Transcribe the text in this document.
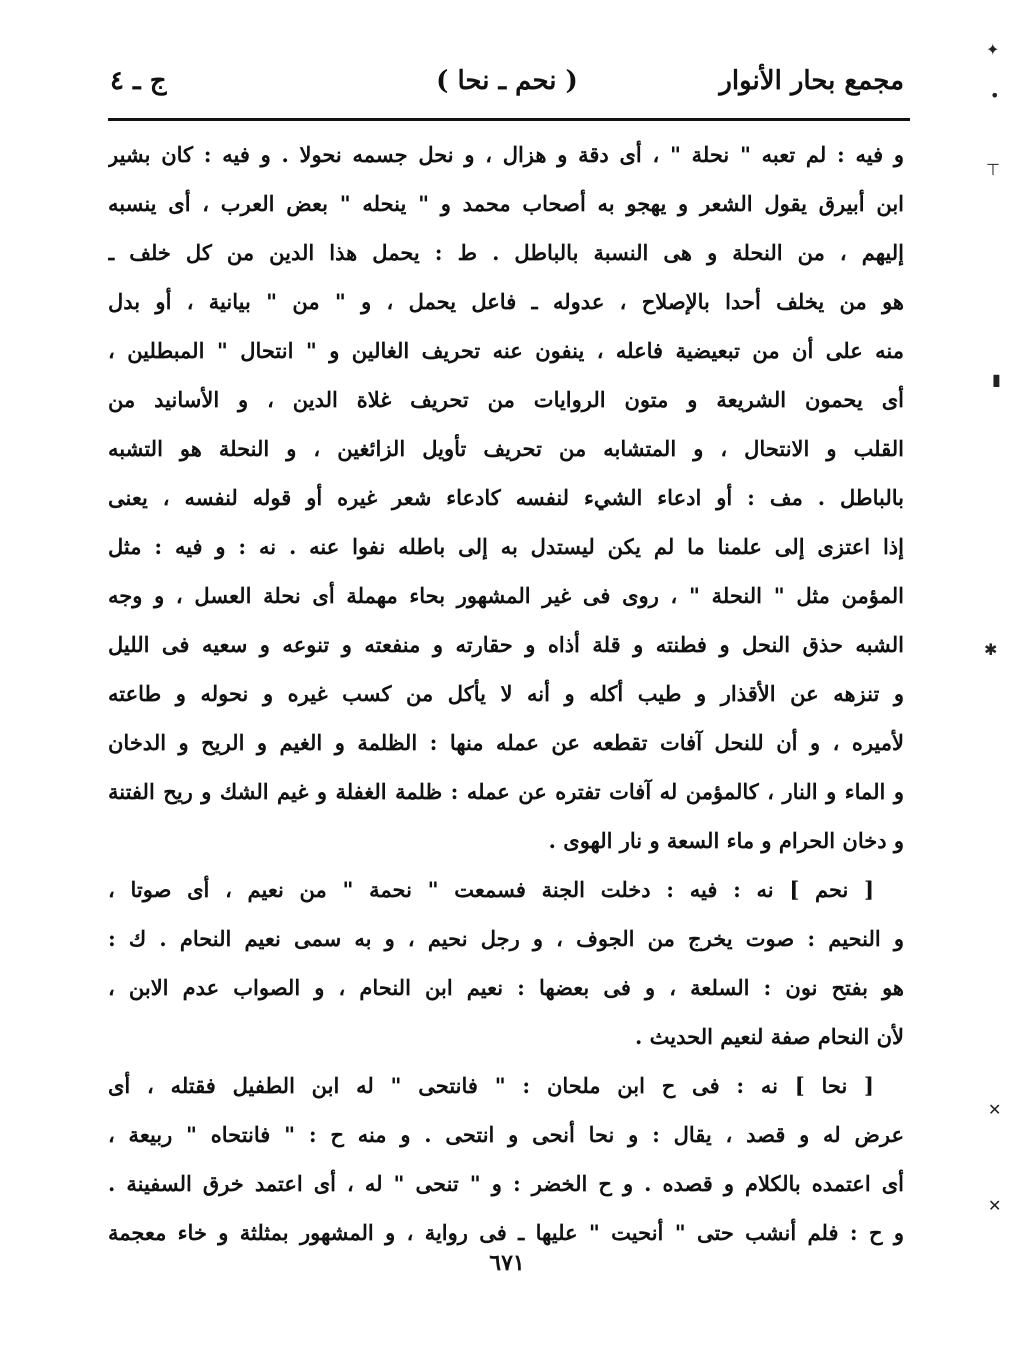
مجمع بحار الأنوار
( نحم ـ نحا )
ج ـ ٤
و فيه : لم تعبه " نحلة " ، أى دقة و هزال ، و نحل جسمه نحولا . و فيه : كان بشير
ابن أبيرق يقول الشعر و يهجو به أصحاب محمد و " ينحله " بعض العرب ، أى ينسبه
إليهم ، من النحلة و هى النسبة بالباطل . ط : يحمل هذا الدين من كل خلف ـ
هو من يخلف أحدا بالإصلاح ، عدوله ـ فاعل يحمل ، و " من " بيانية ، أو بدل
منه على أن من تبعيضية فاعله ، ينفون عنه تحريف الغالين و " انتحال " المبطلين ،
أى يحمون الشريعة و متون الروايات من تحريف غلاة الدين ، و الأسانيد من
القلب و الانتحال ، و المتشابه من تحريف تأويل الزائغين ، و النحلة هو التشبه
بالباطل . مف : أو ادعاء الشيء لنفسه كادعاء شعر غيره أو قوله لنفسه ، يعنى
إذا اعتزى إلى علمنا ما لم يكن ليستدل به إلى باطله نفوا عنه . نه : و فيه : مثل
المؤمن مثل " النحلة " ، روى فى غير المشهور بحاء مهملة أى نحلة العسل ، و وجه
الشبه حذق النحل و فطنته و قلة أذاه و حقارته و منفعته و تنوعه و سعيه فى الليل
و تنزهه عن الأقذار و طيب أكله و أنه لا يأكل من كسب غيره و نحوله و طاعته
لأميره ، و أن للنحل آفات تقطعه عن عمله منها : الظلمة و الغيم و الريح و الدخان
و الماء و النار ، كالمؤمن له آفات تفتره عن عمله : ظلمة الغفلة و غيم الشك و ريح الفتنة
و دخان الحرام و ماء السعة و نار الهوى .
[ نحم ] نه : فيه : دخلت الجنة فسمعت " نحمة " من نعيم ، أى صوتا ،
و النحيم : صوت يخرج من الجوف ، و رجل نحيم ، و به سمى نعيم النحام . ك :
هو بفتح نون : السلعة ، و فى بعضها : نعيم ابن النحام ، و الصواب عدم الابن ،
لأن النحام صفة لنعيم الحديث .
[ نحا ] نه : فى ح ابن ملحان : " فانتحى " له ابن الطفيل فقتله ، أى
عرض له و قصد ، يقال : و نحا أنحى و انتحى . و منه ح : " فانتحاه " ربيعة ،
أى اعتمده بالكلام و قصده . و ح الخضر : و " تنحى " له ، أى اعتمد خرق السفينة .
و ح : فلم أنشب حتى " أنحيت " عليها ـ فى رواية ، و المشهور بمثلثة و خاء معجمة
٦٧١
✦
•
⊤
▮
✱
✕
✕
